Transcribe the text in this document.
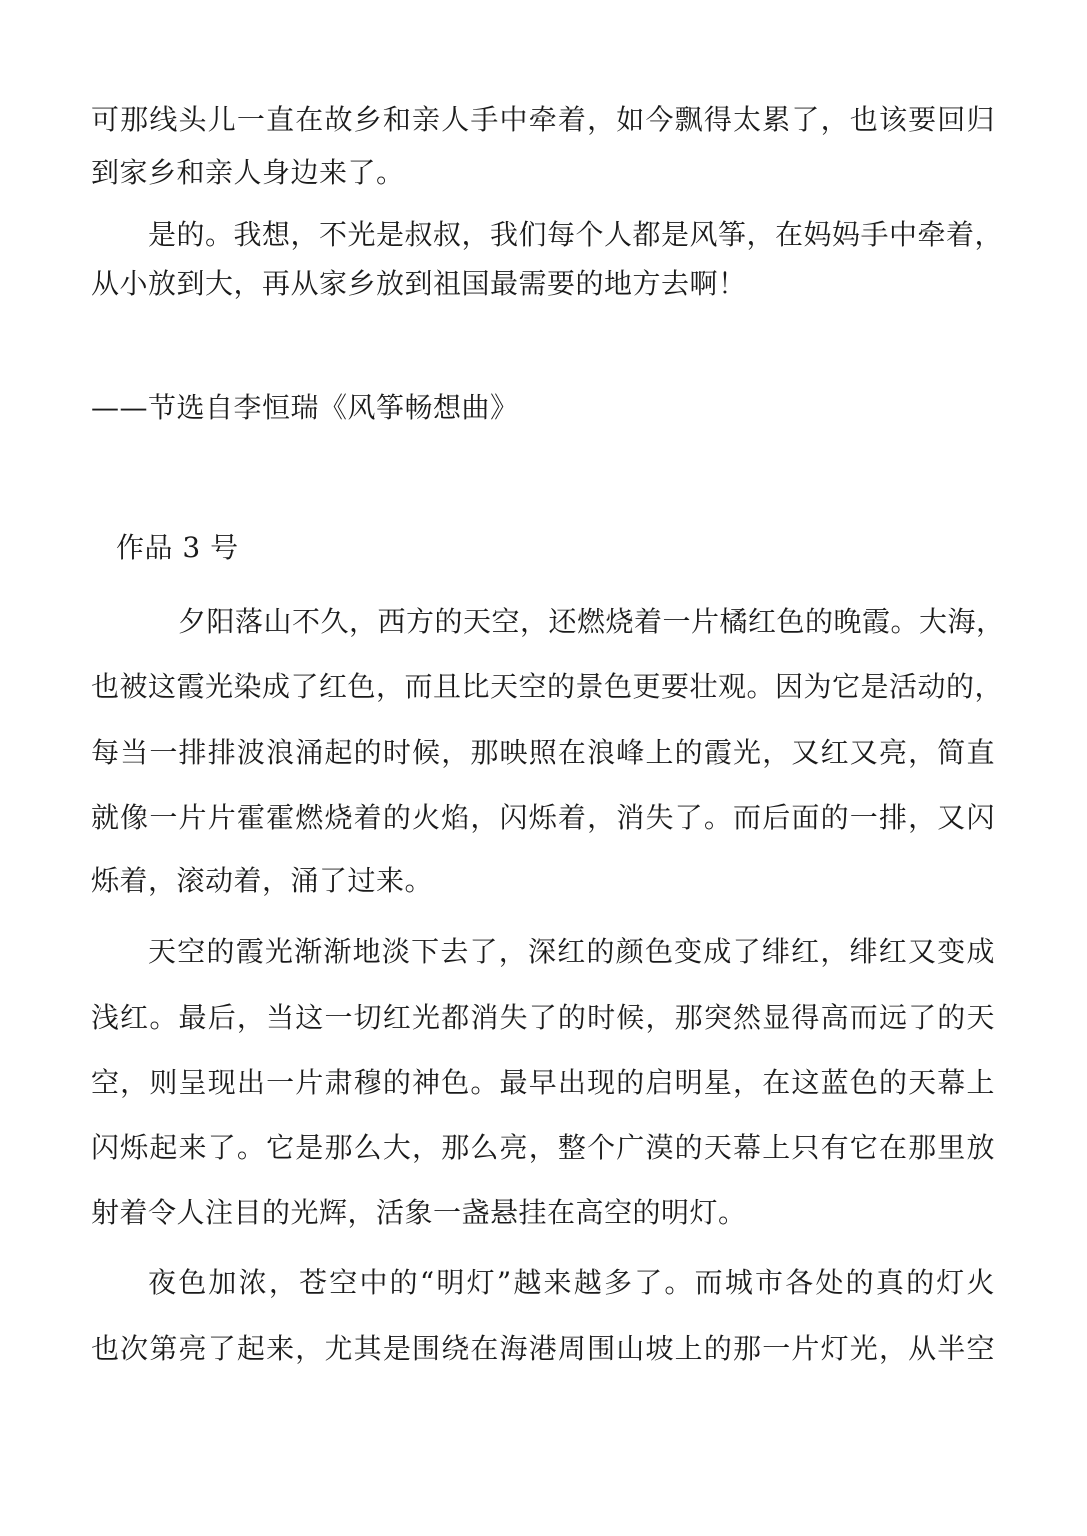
可那线头儿一直在故乡和亲人手中牵着，如今飘得太累了，也该要回归
到家乡和亲人身边来了。
是的。我想，不光是叔叔，我们每个人都是风筝，在妈妈手中牵着，
从小放到大，再从家乡放到祖国最需要的地方去啊！
——节选自李恒瑞《风筝畅想曲》
作品 3 号
夕阳落山不久，西方的天空，还燃烧着一片橘红色的晚霞。大海，
也被这霞光染成了红色，而且比天空的景色更要壮观。因为它是活动的，
每当一排排波浪涌起的时候，那映照在浪峰上的霞光，又红又亮，简直
就像一片片霍霍燃烧着的火焰，闪烁着，消失了。而后面的一排，又闪
烁着，滚动着，涌了过来。
天空的霞光渐渐地淡下去了，深红的颜色变成了绯红，绯红又变成
浅红。最后，当这一切红光都消失了的时候，那突然显得高而远了的天
空，则呈现出一片肃穆的神色。最早出现的启明星，在这蓝色的天幕上
闪烁起来了。它是那么大，那么亮，整个广漠的天幕上只有它在那里放
射着令人注目的光辉，活象一盏悬挂在高空的明灯。
夜色加浓，苍空中的“明灯”越来越多了。而城市各处的真的灯火
也次第亮了起来，尤其是围绕在海港周围山坡上的那一片灯光，从半空
